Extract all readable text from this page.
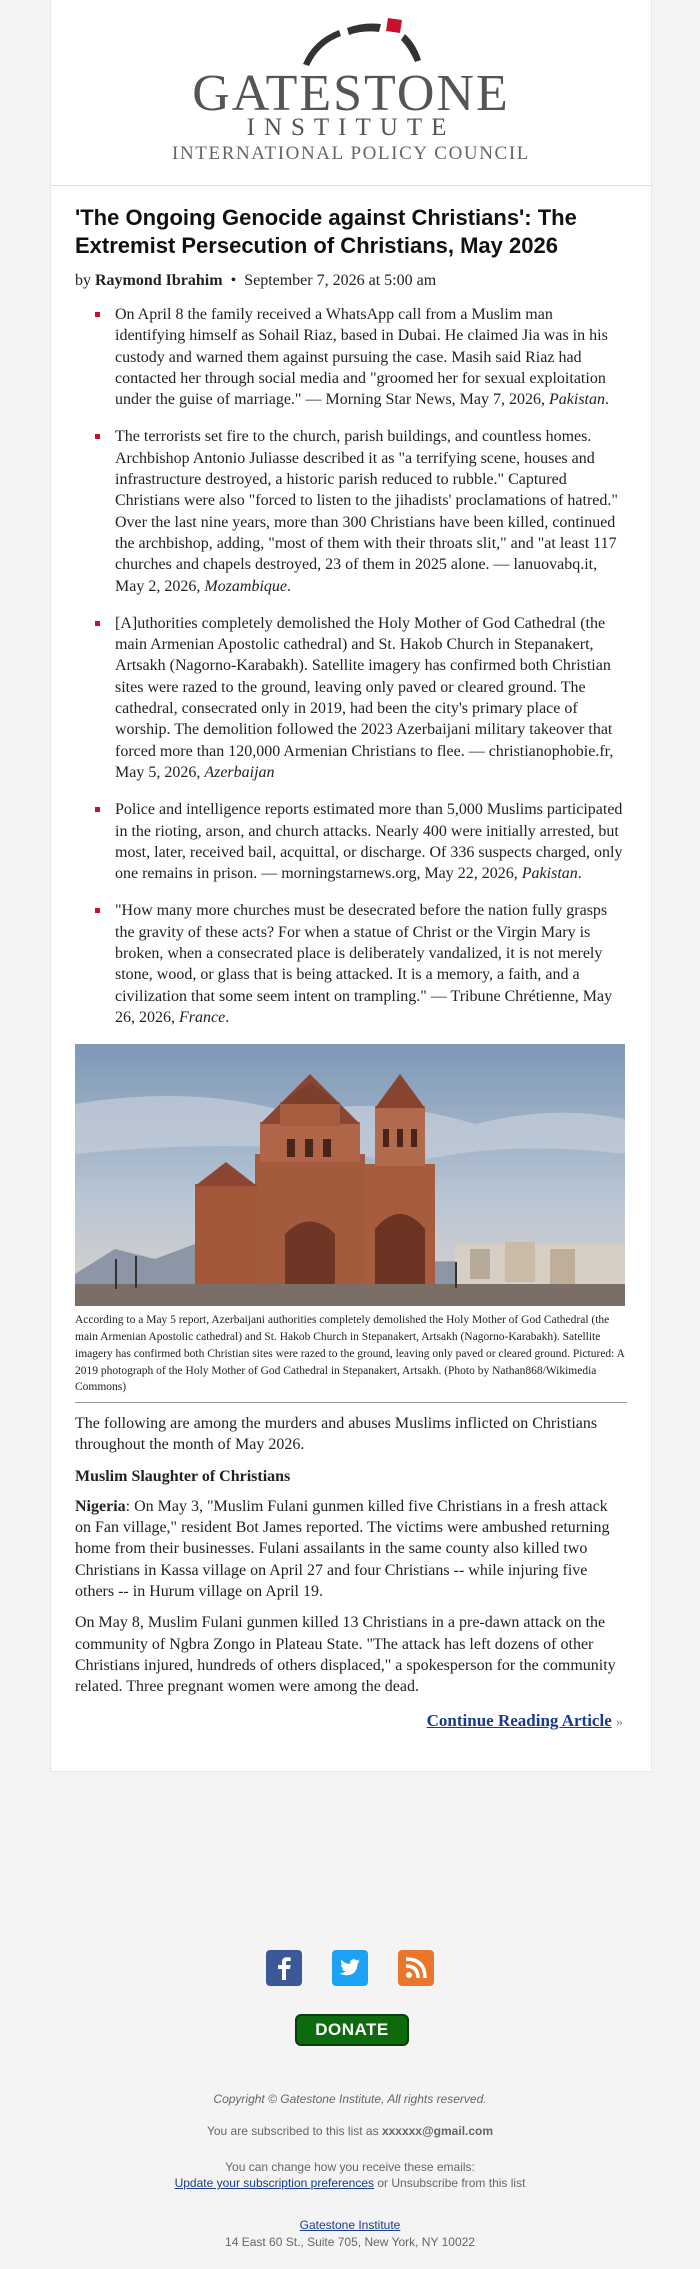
GATESTONE
INSTITUTE
INTERNATIONAL POLICY COUNCIL
'The Ongoing Genocide against Christians': The Extremist Persecution of Christians, May 2026
by Raymond Ibrahim • September 7, 2026 at 5:00 am
On April 8 the family received a WhatsApp call from a Muslim man identifying himself as Sohail Riaz, based in Dubai. He claimed Jia was in his custody and warned them against pursuing the case. Masih said Riaz had contacted her through social media and "groomed her for sexual exploitation under the guise of marriage." — Morning Star News, May 7, 2026, Pakistan.
The terrorists set fire to the church, parish buildings, and countless homes. Archbishop Antonio Juliasse described it as "a terrifying scene, houses and infrastructure destroyed, a historic parish reduced to rubble." Captured Christians were also "forced to listen to the jihadists' proclamations of hatred." Over the last nine years, more than 300 Christians have been killed, continued the archbishop, adding, "most of them with their throats slit," and "at least 117 churches and chapels destroyed, 23 of them in 2025 alone. — lanuovabq.it, May 2, 2026, Mozambique.
[A]uthorities completely demolished the Holy Mother of God Cathedral (the main Armenian Apostolic cathedral) and St. Hakob Church in Stepanakert, Artsakh (Nagorno-Karabakh). Satellite imagery has confirmed both Christian sites were razed to the ground, leaving only paved or cleared ground. The cathedral, consecrated only in 2019, had been the city's primary place of worship. The demolition followed the 2023 Azerbaijani military takeover that forced more than 120,000 Armenian Christians to flee. — christianophobie.fr, May 5, 2026, Azerbaijan
Police and intelligence reports estimated more than 5,000 Muslims participated in the rioting, arson, and church attacks. Nearly 400 were initially arrested, but most, later, received bail, acquittal, or discharge. Of 336 suspects charged, only one remains in prison. — morningstarnews.org, May 22, 2026, Pakistan.
"How many more churches must be desecrated before the nation fully grasps the gravity of these acts? For when a statue of Christ or the Virgin Mary is broken, when a consecrated place is deliberately vandalized, it is not merely stone, wood, or glass that is being attacked. It is a memory, a faith, and a civilization that some seem intent on trampling." — Tribune Chrétienne, May 26, 2026, France.
According to a May 5 report, Azerbaijani authorities completely demolished the Holy Mother of God Cathedral (the main Armenian Apostolic cathedral) and St. Hakob Church in Stepanakert, Artsakh (Nagorno-Karabakh). Satellite imagery has confirmed both Christian sites were razed to the ground, leaving only paved or cleared ground. Pictured: A 2019 photograph of the Holy Mother of God Cathedral in Stepanakert, Artsakh. (Photo by Nathan868/Wikimedia Commons)

The following are among the murders and abuses Muslims inflicted on Christians throughout the month of May 2026.

Muslim Slaughter of Christians

Nigeria: On May 3, "Muslim Fulani gunmen killed five Christians in a fresh attack on Fan village," resident Bot James reported. The victims were ambushed returning home from their businesses. Fulani assailants in the same county also killed two Christians in Kassa village on April 27 and four Christians -- while injuring five others -- in Hurum village on April 19.

On May 8, Muslim Fulani gunmen killed 13 Christians in a pre-dawn attack on the community of Ngbra Zongo in Plateau State. "The attack has left dozens of other Christians injured, hundreds of others displaced," a spokesperson for the community related. Three pregnant women were among the dead.

Continue Reading Article »
DONATE
Copyright © Gatestone Institute, All rights reserved.
You are subscribed to this list as xxxxxx@gmail.com
You can change how you receive these emails:
Update your subscription preferences or Unsubscribe from this list
Gatestone Institute
14 East 60 St., Suite 705, New York, NY 10022
